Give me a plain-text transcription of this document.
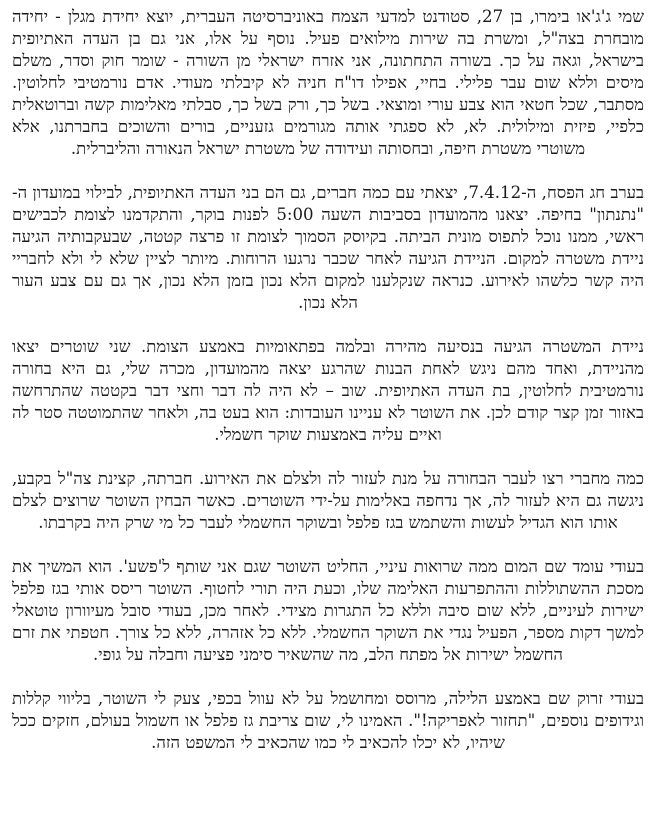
שמי ג'ג'או בימרו, בן 27, סטודנט למדעי הצמח באוניברסיטה העברית, יוצא יחידת מגלן - יחידה מובחרת בצה"ל, ומשרת בה שירות מילואים פעיל. נוסף על אלו, אני גם בן העדה האתיופית בישראל, וגאה על כך. בשורה התחתונה, אני אזרח ישראלי מן השורה - שומר חוק וסדר, משלם מיסים וללא שום עבר פלילי. בחיי, אפילו דו"ח חניה לא קיבלתי מעודי. אדם נורמטיבי לחלוטין. מסתבר, שכל חטאי הוא צבע עורי ומוצאי. בשל כך, ורק בשל כך, סבלתי מאלימות קשה וברוטאלית כלפיי, פיזית ומילולית. לא, לא ספגתי אותה מגורמים גזעניים, בורים והשוכים בחברתנו, אלא משוטרי משטרת חיפה, ובחסותה ועידודה של משטרת ישראל הנאורה והליברלית.

בערב חג הפסח, ה-7.4.12, יצאתי עם כמה חברים, גם הם בני העדה האתיופית, לבילוי במועדון ה-"נתנתון" בחיפה. יצאנו מהמועדון בסביבות השעה 5:00 לפנות בוקר, והתקדמנו לצומת לכבישים ראשי, ממנו נוכל לתפוס מונית הביתה. בקיוסק הסמוך לצומת זו פרצה קטטה, שבעקבותיה הגיעה ניידת משטרה למקום. הניידת הגיעה לאחר שכבר נרגעו הרוחות. מיותר לציין שלא לי ולא לחבריי היה קשר כלשהו לאירוע. כנראה שנקלענו למקום הלא נכון בזמן הלא נכון, אך גם עם צבע העור הלא נכון.

ניידת המשטרה הגיעה בנסיעה מהירה ובלמה בפתאומיות באמצע הצומת. שני שוטרים יצאו מהניידת, ואחד מהם ניגש לאחת הבנות שהרגע יצאה מהמועדון, מכרה שלי, גם היא בחורה נורמטיבית לחלוטין, בת העדה האתיופית. שוב – לא היה לה דבר וחצי דבר בקטטה שהתרחשה באזור זמן קצר קודם לכן. את השוטר לא עניינו העובדות: הוא בעט בה, ולאחר שהתמוטטה סטר לה ואיים עליה באמצעות שוקר חשמלי.

כמה מחברי רצו לעבר הבחורה על מנת לעזור לה ולצלם את האירוע. חברתה, קצינת צה"ל בקבע, ניגשה גם היא לעזור לה, אך נדחפה באלימות על-ידי השוטרים. כאשר הבחין השוטר שרוצים לצלם אותו הוא הגדיל לעשות והשתמש בגז פלפל ובשוקר החשמלי לעבר כל מי שרק היה בקרבתו.

בעודי עומד שם המום ממה שרואות עיניי, החליט השוטר שגם אני שותף ל'פשע'. הוא המשיך את מסכת ההשתוללות וההתפרעות האלימה שלו, וכעת היה תורי לחטוף. השוטר ריסס אותי בגז פלפל ישירות לעיניים, ללא שום סיבה וללא כל התגרות מצידי. לאחר מכן, בעודי סובל מעיוורון טוטאלי למשך דקות מספר, הפעיל נגדי את השוקר החשמלי. ללא כל אזהרה, ללא כל צורך. חטפתי את זרם החשמל ישירות אל מפתח הלב, מה שהשאיר סימני פציעה וחבלה על גופי.

בעודי זרוק שם באמצע הלילה, מרוסס ומחושמל על לא עוול בכפי, צעק לי השוטר, בליווי קללות וגידופים נוספים, "תחזור לאפריקה!". האמינו לי, שום צריבת גז פלפל או חשמול בעולם, חזקים ככל שיהיו, לא יכלו להכאיב לי כמו שהכאיב לי המשפט הזה.
